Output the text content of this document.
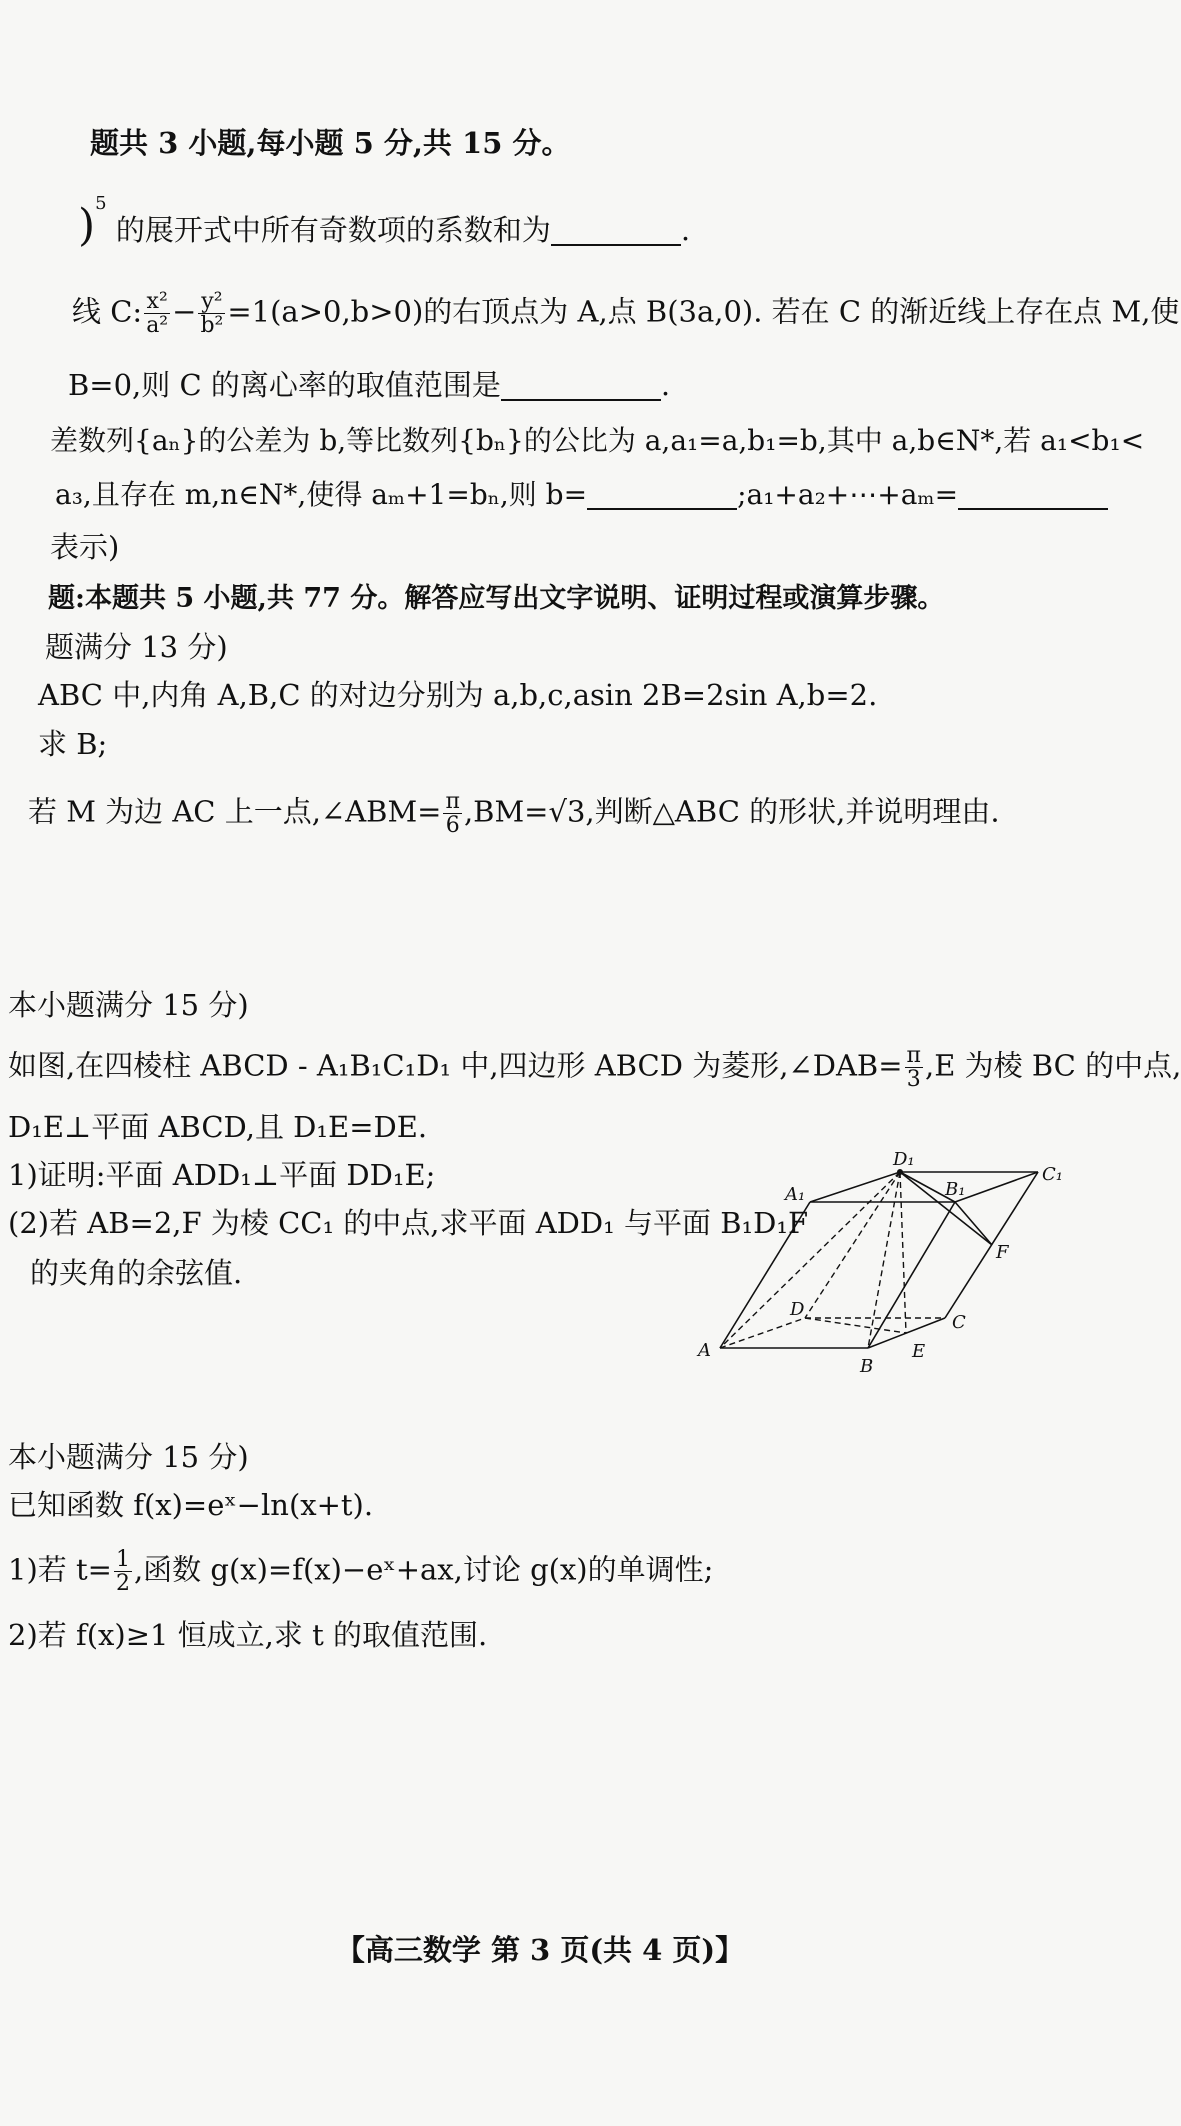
题共 3 小题,每小题 5 分,共 15 分。
)$^5$ 的展开式中所有奇数项的系数和为	.
线 C: $\frac{\text{x²}}{\text{a²}} - \frac{\text{y²}}{\text{b²}} =1(a>0,b>0)$的右顶点为 A,点 B(3a,0). 若在 C 的渐近线上存在点 M,使
B=0,则 C 的离心率的取值范围是	.
差数列{aₙ}的公差为 b,等比数列{bₙ}的公比为 a,a₁=a,b₁=b,其中 a,b∈N*,若 a₁<b₁<
a₃,且存在 m,n∈N*,使得 aₘ+1=bₙ,则 b=	;a₁+a₂+⋯+aₘ=
表示)
题:本题共 5 小题,共 77 分。解答应写出文字说明、证明过程或演算步骤。
题满分 13 分)
ABC 中,内角 A,B,C 的对边分别为 a,b,c,asin 2B=2sin A,b=2.
求 B;
若 M 为边 AC 上一点,∠ABM= $\frac{\pi}{6} ,BM=√3$,判断△ABC 的形状,并说明理由.
本小题满分 15 分)
如图,在四棱柱 ABCD - A₁B₁C₁D₁ 中,四边形 ABCD 为菱形,∠DAB= $\frac{\pi}{3} ,E$ 为棱 BC 的中点,
D₁E⊥平面 ABCD,且 D₁E=DE.
1)证明:平面 ADD₁⊥平面 DD₁E;
(2)若 AB=2,F 为棱 CC₁ 的中点,求平面 ADD₁ 与平面 B₁D₁F
的夹角的余弦值.
D₁
C₁
A₁	B₁
F
D
C
A
B
E
本小题满分 15 分)
已知函数 f(x)=eˣ−ln(x+t).
1)若 $t= \frac{1}{2}$ ,函数 g(x)=f(x)−eˣ+ax,讨论 g(x)的单调性;
2)若 f(x)≥1 恒成立,求 t 的取值范围.
【高三数学 第 3 页(共 4 页)】
